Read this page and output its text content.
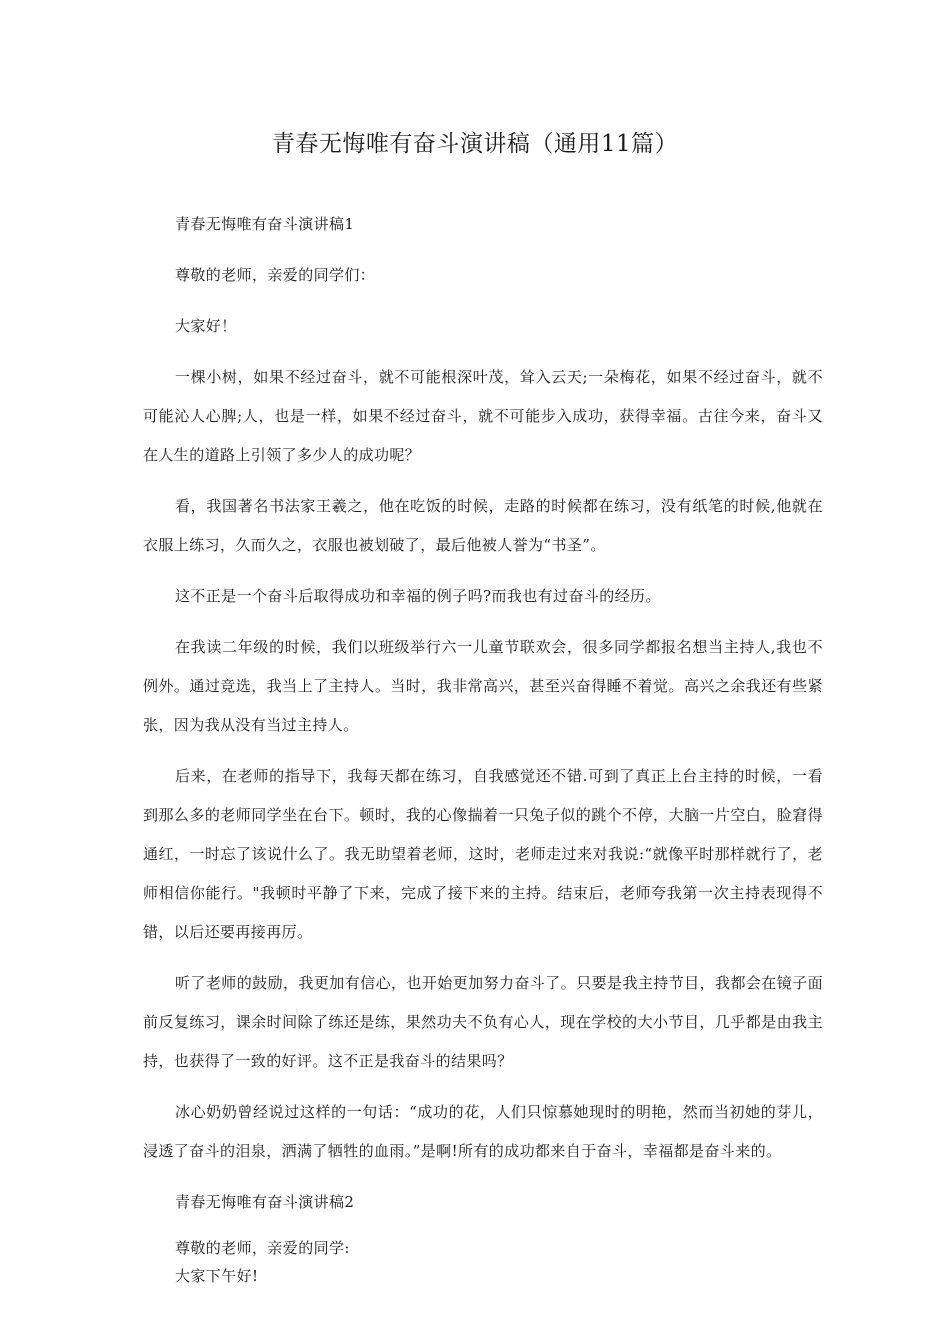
青春无悔唯有奋斗演讲稿（通用11篇）

青春无悔唯有奋斗演讲稿1

尊敬的老师，亲爱的同学们：

大家好！

一棵小树，如果不经过奋斗，就不可能根深叶茂，耸入云天;一朵梅花，如果不经过奋斗，就不可能沁人心脾;人，也是一样，如果不经过奋斗，就不可能步入成功，获得幸福。古往今来，奋斗又在人生的道路上引领了多少人的成功呢？

看，我国著名书法家王羲之，他在吃饭的时候，走路的时候都在练习，没有纸笔的时候,他就在衣服上练习，久而久之，衣服也被划破了，最后他被人誉为“书圣”。

这不正是一个奋斗后取得成功和幸福的例子吗?而我也有过奋斗的经历。

在我读二年级的时候，我们以班级举行六一儿童节联欢会，很多同学都报名想当主持人,我也不例外。通过竞选，我当上了主持人。当时，我非常高兴，甚至兴奋得睡不着觉。高兴之余我还有些紧张，因为我从没有当过主持人。

后来，在老师的指导下，我每天都在练习，自我感觉还不错.可到了真正上台主持的时候，一看到那么多的老师同学坐在台下。顿时，我的心像揣着一只兔子似的跳个不停，大脑一片空白，脸窘得通红，一时忘了该说什么了。我无助望着老师，这时，老师走过来对我说:“就像平时那样就行了，老师相信你能行。"我顿时平静了下来，完成了接下来的主持。结束后，老师夸我第一次主持表现得不错，以后还要再接再厉。

听了老师的鼓励，我更加有信心，也开始更加努力奋斗了。只要是我主持节目，我都会在镜子面前反复练习，课余时间除了练还是练，果然功夫不负有心人，现在学校的大小节目，几乎都是由我主持，也获得了一致的好评。这不正是我奋斗的结果吗？

冰心奶奶曾经说过这样的一句话：“成功的花，人们只惊慕她现时的明艳，然而当初她的芽儿，浸透了奋斗的泪泉，洒满了牺牲的血雨。”是啊!所有的成功都来自于奋斗，幸福都是奋斗来的。

青春无悔唯有奋斗演讲稿2

尊敬的老师，亲爱的同学:

大家下午好!
